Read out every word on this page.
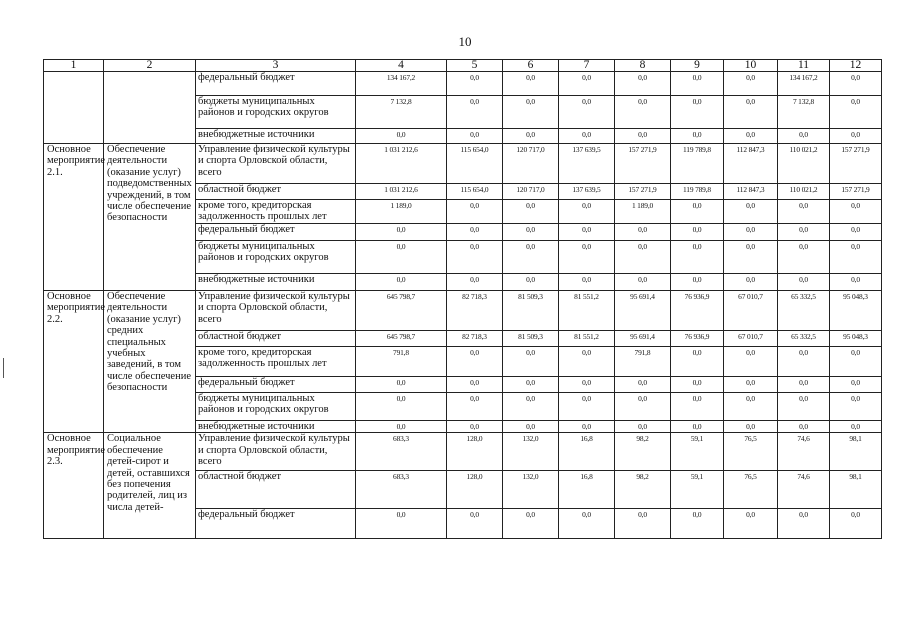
10
1	2	3	4	5	6	7	8	9	10	11	12
		федеральный бюджет	134 167,2	0,0	0,0	0,0	0,0	0,0	0,0	134 167,2	0,0
		бюджеты муниципальных районов и городских округов	7 132,8	0,0	0,0	0,0	0,0	0,0	0,0	7 132,8	0,0
		внебюджетные источники	0,0	0,0	0,0	0,0	0,0	0,0	0,0	0,0	0,0
Основное мероприятие 2.1.	Обеспечение деятельности (оказание услуг) подведомственных учреждений, в том числе обеспечение безопасности	Управление физической культуры и спорта Орловской области, всего	1 031 212,6	115 654,0	120 717,0	137 639,5	157 271,9	119 789,8	112 847,3	110 021,2	157 271,9
		областной бюджет	1 031 212,6	115 654,0	120 717,0	137 639,5	157 271,9	119 789,8	112 847,3	110 021,2	157 271,9
		кроме того, кредиторская задолженность прошлых лет	1 189,0	0,0	0,0	0,0	1 189,0	0,0	0,0	0,0	0,0
		федеральный бюджет	0,0	0,0	0,0	0,0	0,0	0,0	0,0	0,0	0,0
		бюджеты муниципальных районов и городских округов	0,0	0,0	0,0	0,0	0,0	0,0	0,0	0,0	0,0
		внебюджетные источники	0,0	0,0	0,0	0,0	0,0	0,0	0,0	0,0	0,0
Основное мероприятие 2.2.	Обеспечение деятельности (оказание услуг) средних специальных учебных заведений, в том числе обеспечение безопасности	Управление физической культуры и спорта Орловской области, всего	645 798,7	82 718,3	81 509,3	81 551,2	95 691,4	76 936,9	67 010,7	65 332,5	95 048,3
		областной бюджет	645 798,7	82 718,3	81 509,3	81 551,2	95 691,4	76 936,9	67 010,7	65 332,5	95 048,3
		кроме того, кредиторская задолженность прошлых лет	791,8	0,0	0,0	0,0	791,8	0,0	0,0	0,0	0,0
		федеральный бюджет	0,0	0,0	0,0	0,0	0,0	0,0	0,0	0,0	0,0
		бюджеты муниципальных районов и городских округов	0,0	0,0	0,0	0,0	0,0	0,0	0,0	0,0	0,0
		внебюджетные источники	0,0	0,0	0,0	0,0	0,0	0,0	0,0	0,0	0,0
Основное мероприятие 2.3.	Социальное обеспечение детей-сирот и детей, оставшихся без попечения родителей, лиц из числа детей-	Управление физической культуры и спорта Орловской области, всего	683,3	128,0	132,0	16,8	98,2	59,1	76,5	74,6	98,1
		областной бюджет	683,3	128,0	132,0	16,8	98,2	59,1	76,5	74,6	98,1
		федеральный бюджет	0,0	0,0	0,0	0,0	0,0	0,0	0,0	0,0	0,0
